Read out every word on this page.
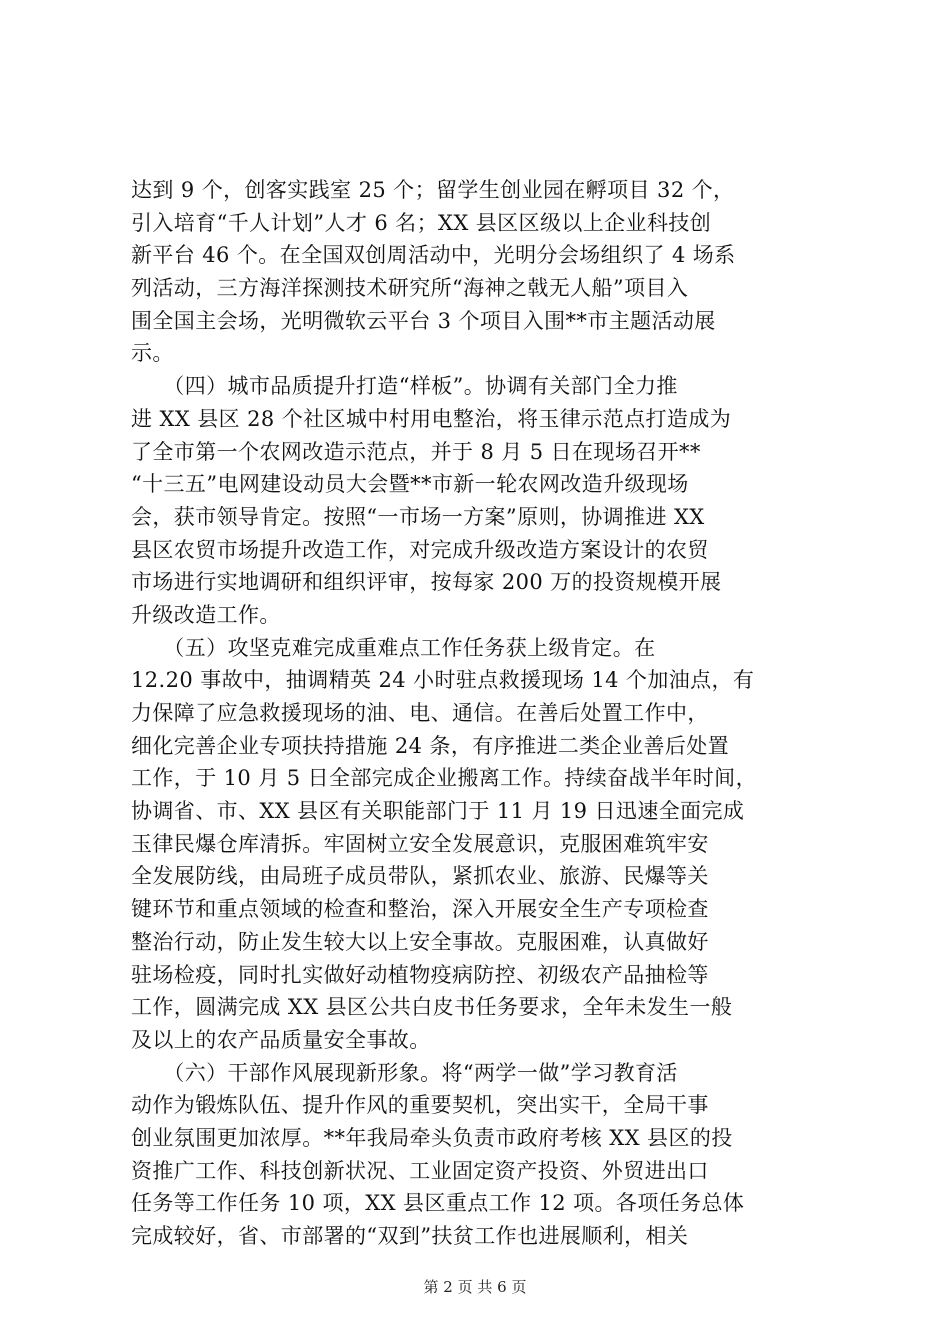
达到 9 个，创客实践室 25 个；留学生创业园在孵项目 32 个，
引入培育“千人计划”人才 6 名；XX 县区区级以上企业科技创
新平台 46 个。在全国双创周活动中，光明分会场组织了 4 场系
列活动，三方海洋探测技术研究所“海神之戟无人船”项目入
围全国主会场，光明微软云平台 3 个项目入围**市主题活动展
示。
　　（四）城市品质提升打造“样板”。协调有关部门全力推
进 XX 县区 28 个社区城中村用电整治，将玉律示范点打造成为
了全市第一个农网改造示范点，并于 8 月 5 日在现场召开**
“十三五”电网建设动员大会暨**市新一轮农网改造升级现场
会，获市领导肯定。按照“一市场一方案”原则，协调推进 XX
县区农贸市场提升改造工作，对完成升级改造方案设计的农贸
市场进行实地调研和组织评审，按每家 200 万的投资规模开展
升级改造工作。
　　（五）攻坚克难完成重难点工作任务获上级肯定。在
12.20 事故中，抽调精英 24 小时驻点救援现场 14 个加油点，有
力保障了应急救援现场的油、电、通信。在善后处置工作中，
细化完善企业专项扶持措施 24 条，有序推进二类企业善后处置
工作，于 10 月 5 日全部完成企业搬离工作。持续奋战半年时间，
协调省、市、XX 县区有关职能部门于 11 月 19 日迅速全面完成
玉律民爆仓库清拆。牢固树立安全发展意识，克服困难筑牢安
全发展防线，由局班子成员带队，紧抓农业、旅游、民爆等关
键环节和重点领域的检查和整治，深入开展安全生产专项检查
整治行动，防止发生较大以上安全事故。克服困难，认真做好
驻场检疫，同时扎实做好动植物疫病防控、初级农产品抽检等
工作，圆满完成 XX 县区公共白皮书任务要求，全年未发生一般
及以上的农产品质量安全事故。
　　（六）干部作风展现新形象。将“两学一做”学习教育活
动作为锻炼队伍、提升作风的重要契机，突出实干，全局干事
创业氛围更加浓厚。**年我局牵头负责市政府考核 XX 县区的投
资推广工作、科技创新状况、工业固定资产投资、外贸进出口
任务等工作任务 10 项，XX 县区重点工作 12 项。各项任务总体
完成较好，省、市部署的“双到”扶贫工作也进展顺利，相关
第 2 页 共 6 页
